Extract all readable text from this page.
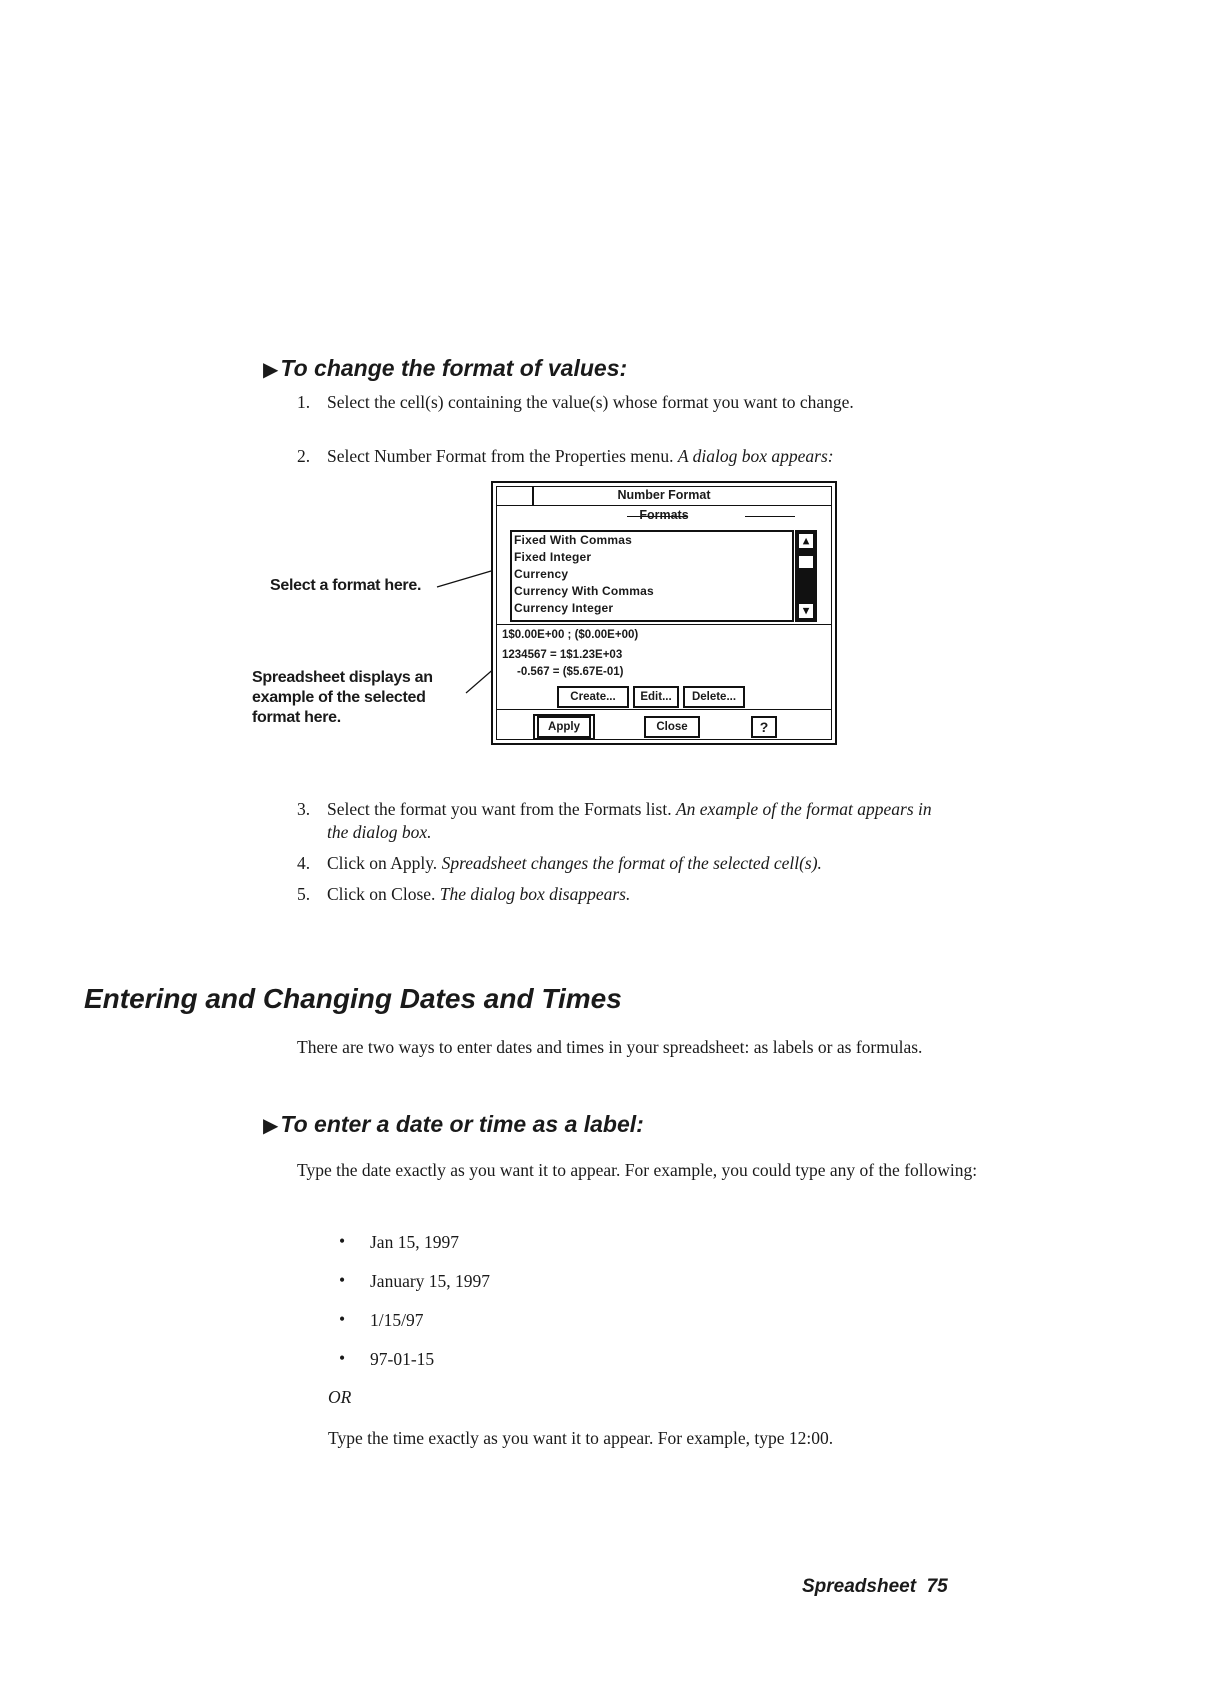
▶To change the format of values:
1. Select the cell(s) containing the value(s) whose format you want to change.
2. Select Number Format from the Properties menu. A dialog box appears:
Select a format here.
Spreadsheet displays an
example of the selected
format here.
Number Format
Formats
Fixed With Commas
Fixed Integer
Currency
Currency With Commas
Currency Integer
▲
▼
1$0.00E+00 ; ($0.00E+00)
1234567 = 1$1.23E+03
-0.567 = ($5.67E-01)
Create...	Edit...	Delete...
Apply	Close	?
3. Select the format you want from the Formats list. An example of the format appears in the dialog box.
4. Click on Apply. Spreadsheet changes the format of the selected cell(s).
5. Click on Close. The dialog box disappears.
Entering and Changing Dates and Times
There are two ways to enter dates and times in your spreadsheet: as labels or as formulas.
▶To enter a date or time as a label:
Type the date exactly as you want it to appear. For example, you could type any of the following:
• Jan 15, 1997
• January 15, 1997
• 1/15/97
• 97-01-15
OR
Type the time exactly as you want it to appear. For example, type 12:00.
Spreadsheet 75
